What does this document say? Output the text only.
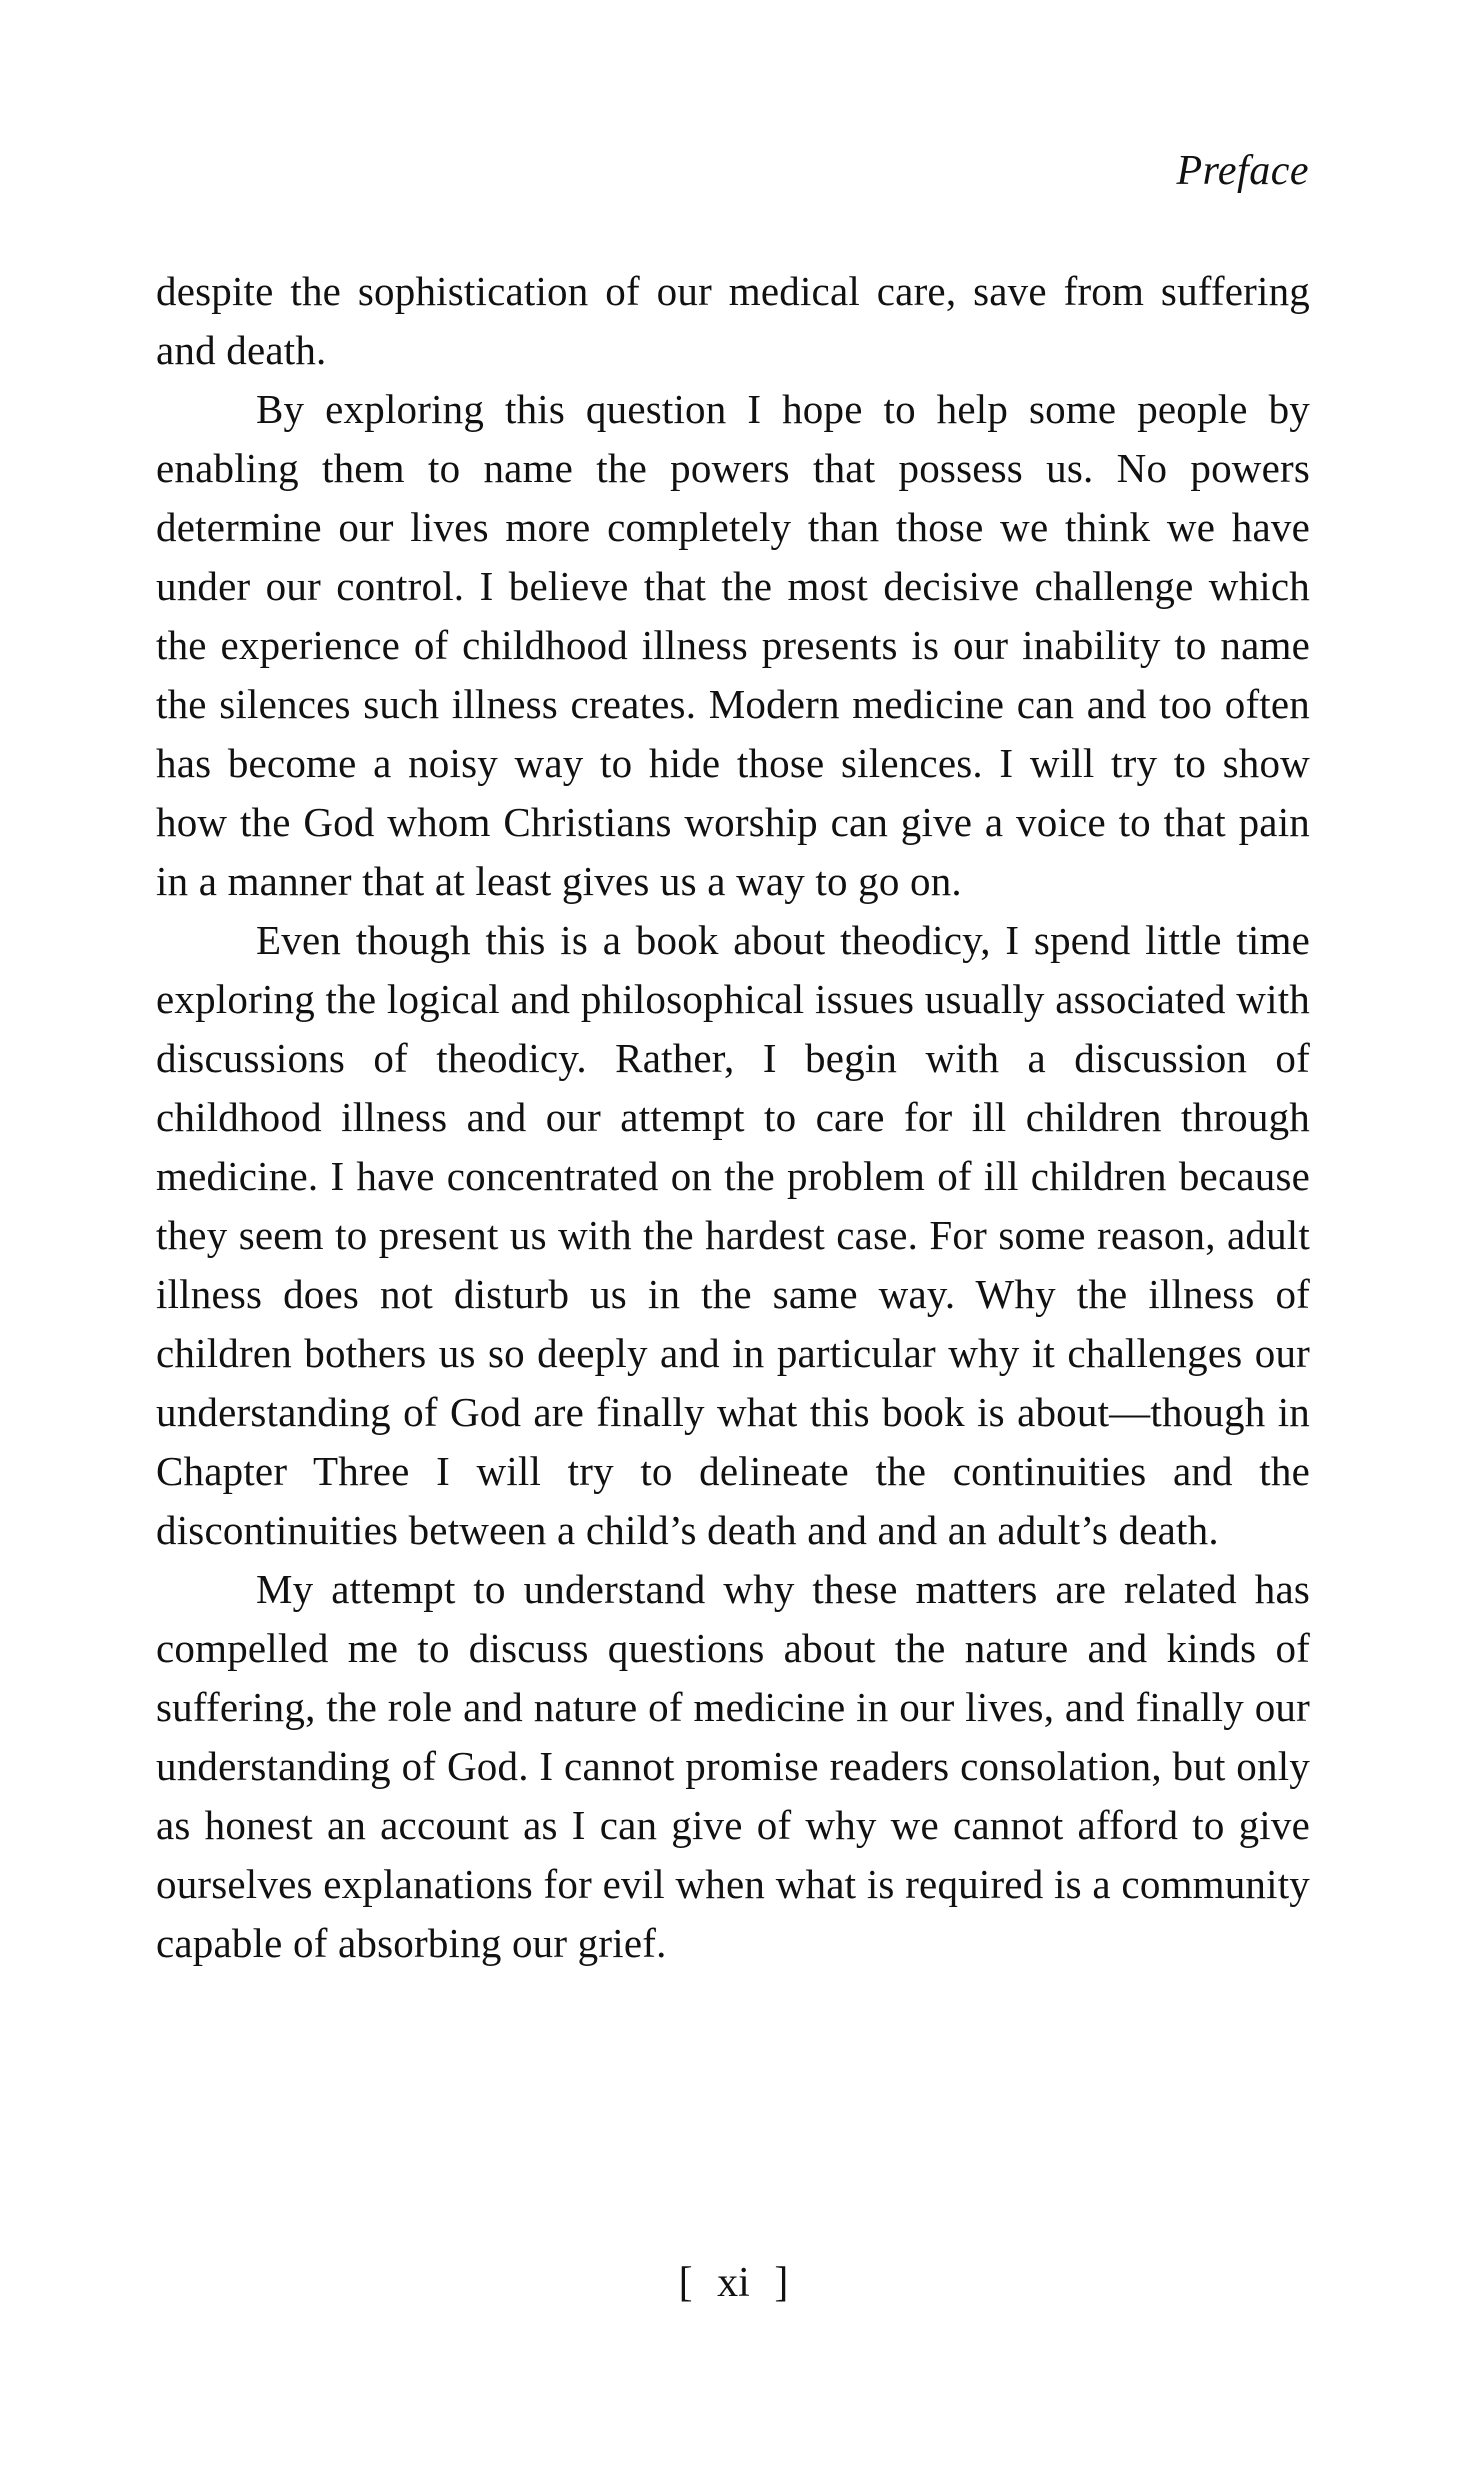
Preface

despite the sophistication of our medical care, save from suffering and death.

By exploring this question I hope to help some people by enabling them to name the powers that possess us. No powers determine our lives more completely than those we think we have under our control. I believe that the most decisive challenge which the experience of childhood illness presents is our inability to name the silences such illness creates. Modern medicine can and too often has become a noisy way to hide those silences. I will try to show how the God whom Christians worship can give a voice to that pain in a manner that at least gives us a way to go on.

Even though this is a book about theodicy, I spend little time exploring the logical and philosophical issues usually associated with discussions of theodicy. Rather, I begin with a discussion of childhood illness and our attempt to care for ill children through medicine. I have concentrated on the problem of ill children because they seem to present us with the hardest case. For some reason, adult illness does not disturb us in the same way. Why the illness of children bothers us so deeply and in particular why it challenges our understanding of God are finally what this book is about—though in Chapter Three I will try to delineate the continuities and the discontinuities between a child’s death and and an adult’s death.

My attempt to understand why these matters are related has compelled me to discuss questions about the nature and kinds of suffering, the role and nature of medicine in our lives, and finally our understanding of God. I cannot promise readers consolation, but only as honest an account as I can give of why we cannot afford to give ourselves explanations for evil when what is required is a community capable of absorbing our grief.

[ xi ]
